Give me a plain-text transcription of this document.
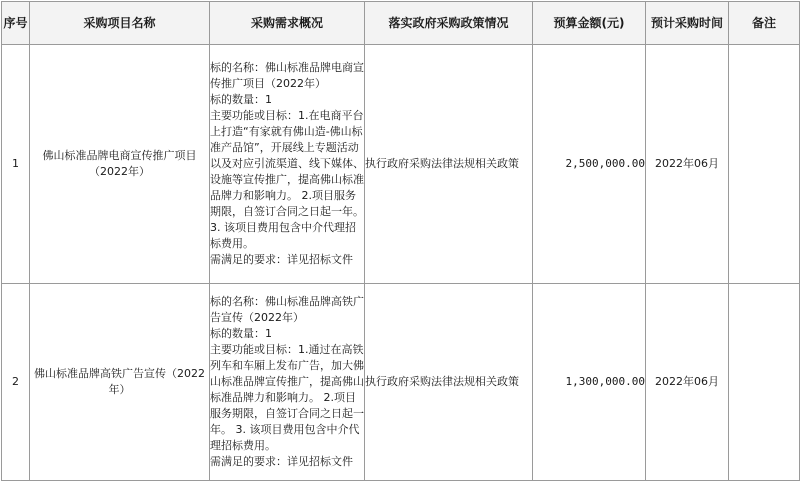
序号	采购项目名称	采购需求概况	落实政府采购政策情况	预算金额(元)	预计采购时间	备注
1	佛山标准品牌电商宣传推广项目（2022年）	标的名称：佛山标准品牌电商宣传推广项目（2022年）
标的数量：1
主要功能或目标：1.在电商平台上打造“有家就有佛山造-佛山标准产品馆”，开展线上专题活动以及对应引流渠道、线下媒体、设施等宣传推广，提高佛山标准品牌力和影响力。 2.项目服务期限，自签订合同之日起一年。 3. 该项目费用包含中介代理招标费用。
需满足的要求：详见招标文件	执行政府采购法律法规相关政策	2,500,000.00	2022年06月	
2	佛山标准品牌高铁广告宣传（2022年）	标的名称：佛山标准品牌高铁广告宣传（2022年）
标的数量：1
主要功能或目标：1.通过在高铁列车和车厢上发布广告，加大佛山标准品牌宣传推广，提高佛山标准品牌力和影响力。 2.项目服务期限，自签订合同之日起一年。 3. 该项目费用包含中介代理招标费用。
需满足的要求：详见招标文件	执行政府采购法律法规相关政策	1,300,000.00	2022年06月	
